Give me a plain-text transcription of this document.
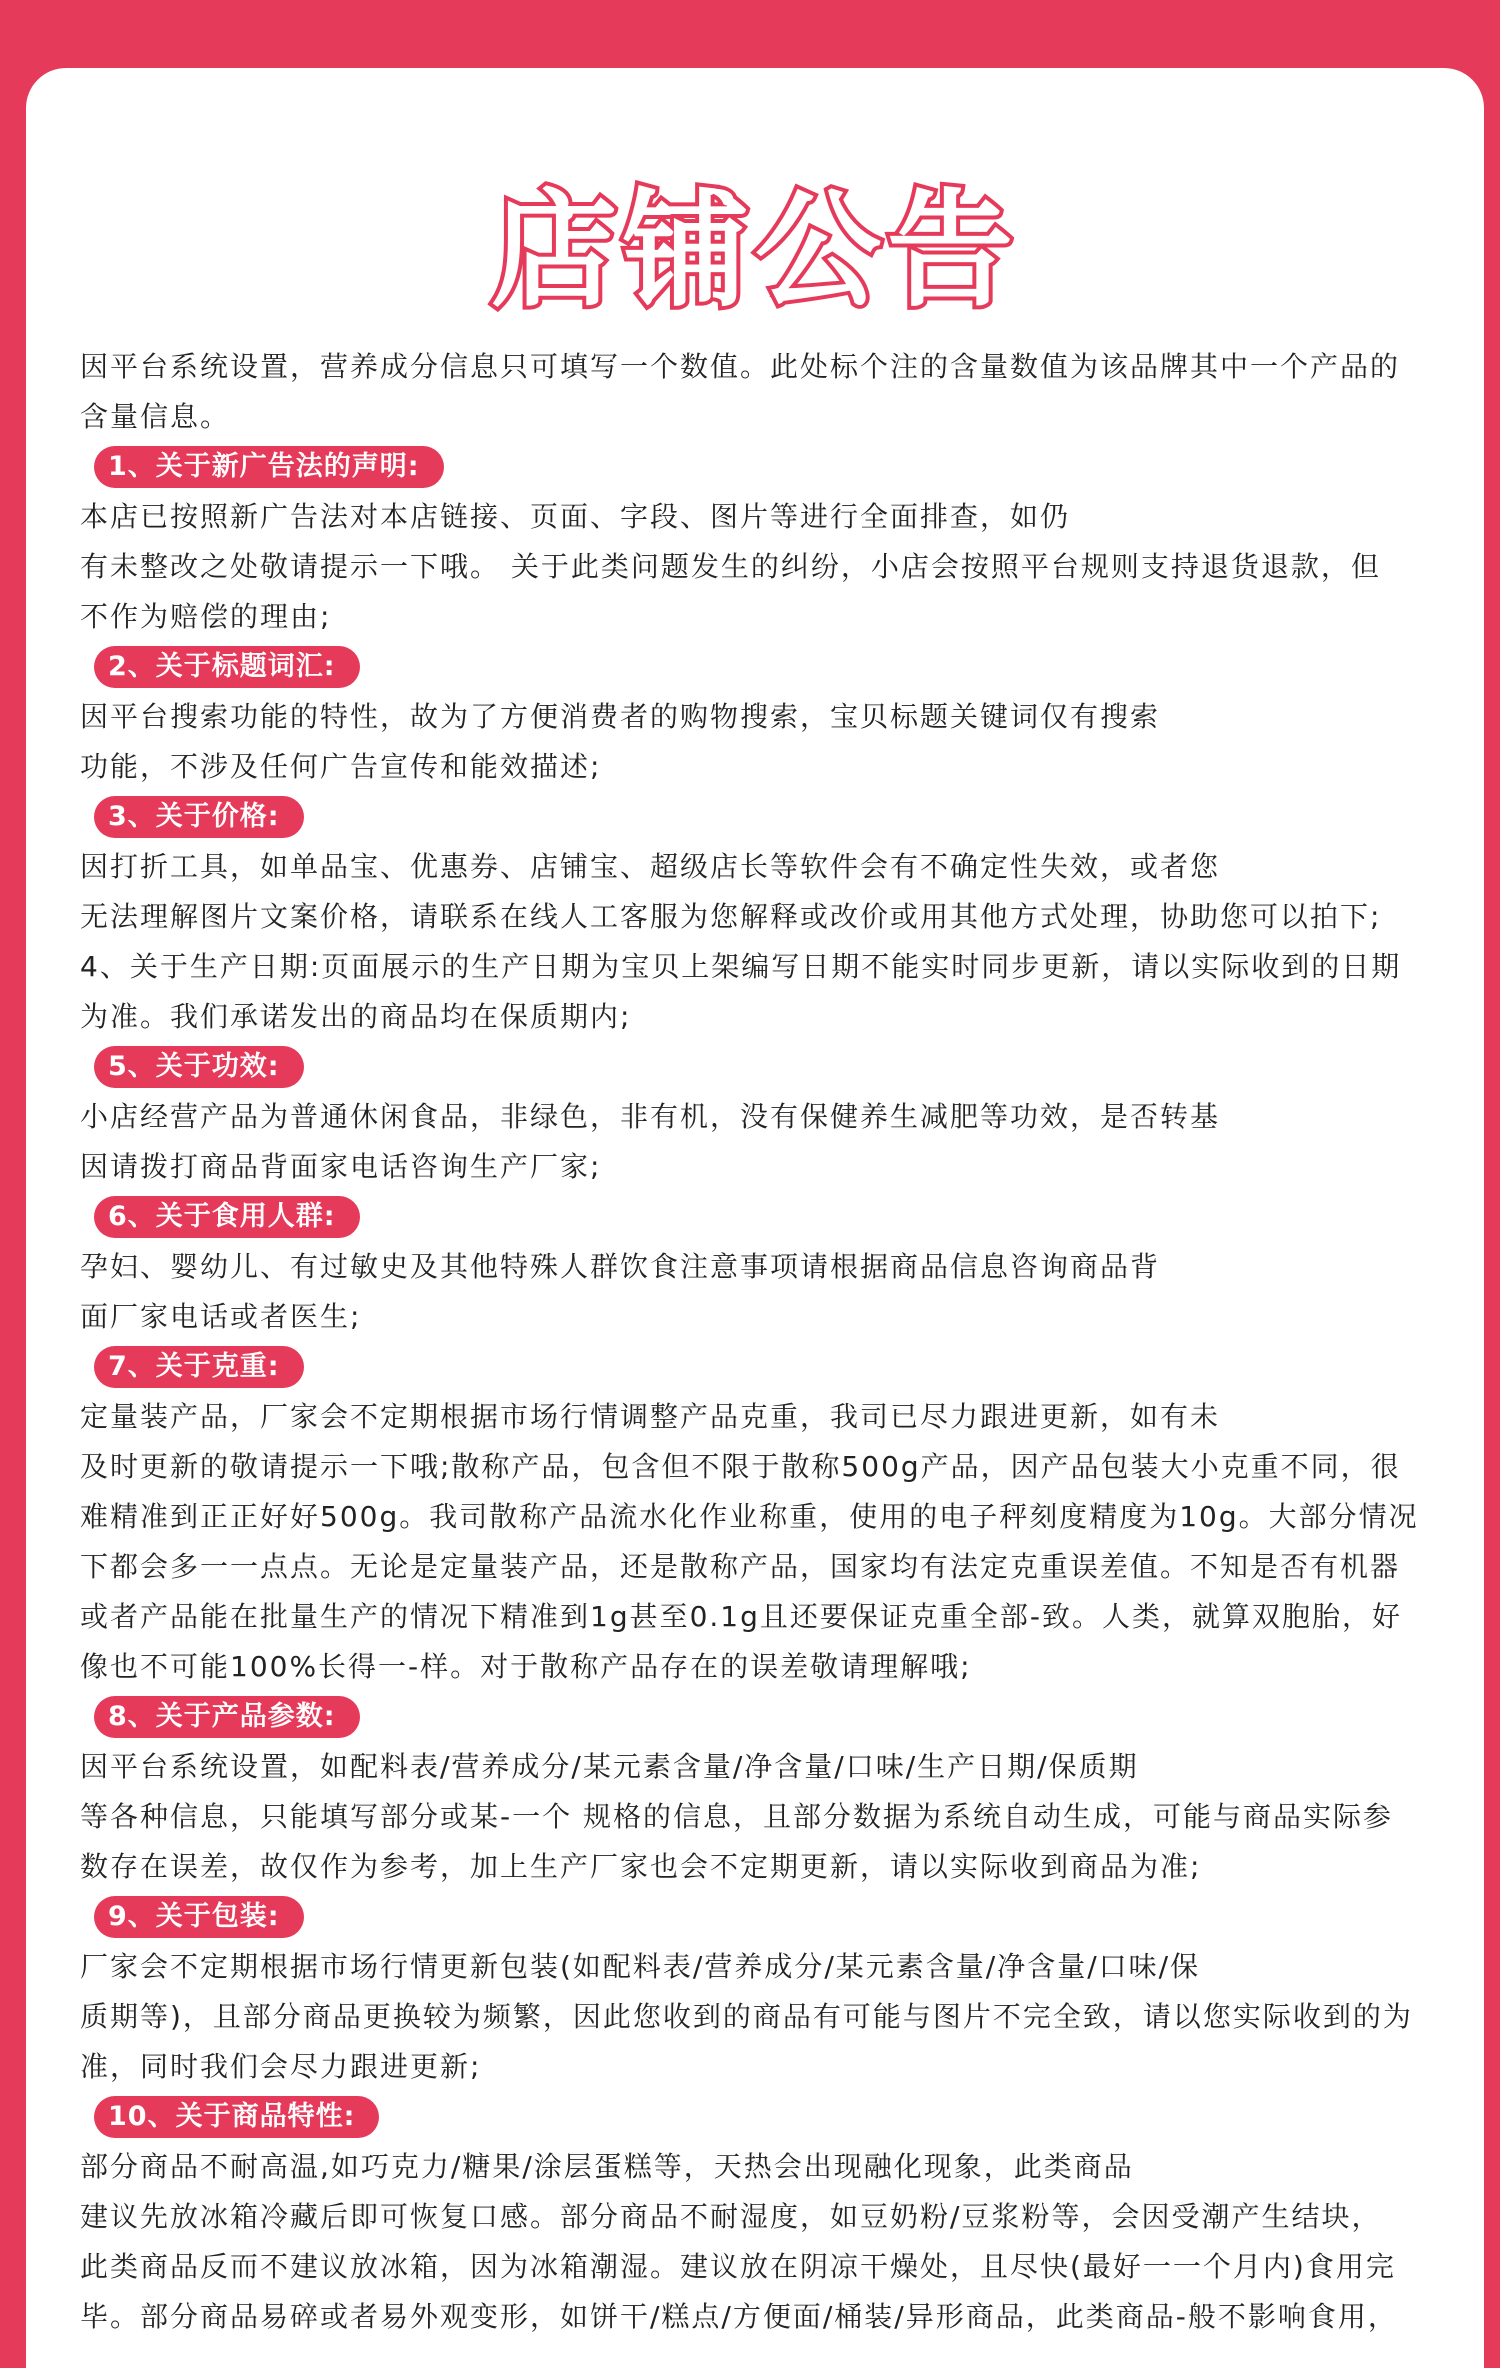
店铺公告

因平台系统设置，营养成分信息只可填写一个数值。此处标个注的含量数值为该品牌其中一个产品的

含量信息。

1、关于新广告法的声明:

本店已按照新广告法对本店链接、页面、字段、图片等进行全面排查，如仍

有未整改之处敬请提示一下哦。 关于此类问题发生的纠纷，小店会按照平台规则支持退货退款，但

不作为赔偿的理由;

2、关于标题词汇:

因平台搜索功能的特性，故为了方便消费者的购物搜索，宝贝标题关键词仅有搜索

功能，不涉及任何广告宣传和能效描述;

3、关于价格:

因打折工具，如单品宝、优惠券、店铺宝、超级店长等软件会有不确定性失效，或者您

无法理解图片文案价格，请联系在线人工客服为您解释或改价或用其他方式处理，协助您可以拍下;

4、关于生产日期:页面展示的生产日期为宝贝上架编写日期不能实时同步更新，请以实际收到的日期

为准。我们承诺发出的商品均在保质期内;

5、关于功效:

小店经营产品为普通休闲食品，非绿色，非有机，没有保健养生减肥等功效，是否转基

因请拨打商品背面家电话咨询生产厂家;

6、关于食用人群:

孕妇、婴幼儿、有过敏史及其他特殊人群饮食注意事项请根据商品信息咨询商品背

面厂家电话或者医生;

7、关于克重:

定量装产品，厂家会不定期根据市场行情调整产品克重，我司已尽力跟进更新，如有未

及时更新的敬请提示一下哦;散称产品，包含但不限于散称500g产品，因产品包装大小克重不同，很

难精准到正正好好500g。我司散称产品流水化作业称重，使用的电子秤刻度精度为10g。大部分情况

下都会多一一点点。无论是定量装产品，还是散称产品，国家均有法定克重误差值。不知是否有机器

或者产品能在批量生产的情况下精准到1g甚至0.1g且还要保证克重全部-致。人类，就算双胞胎，好

像也不可能100%长得一-样。对于散称产品存在的误差敬请理解哦;

8、关于产品参数:

因平台系统设置，如配料表/营养成分/某元素含量/净含量/口味/生产日期/保质期

等各种信息，只能填写部分或某-一个 规格的信息，且部分数据为系统自动生成，可能与商品实际参

数存在误差，故仅作为参考，加上生产厂家也会不定期更新，请以实际收到商品为准;

9、关于包装:

厂家会不定期根据市场行情更新包装(如配料表/营养成分/某元素含量/净含量/口味/保

质期等)，且部分商品更换较为频繁，因此您收到的商品有可能与图片不完全致，请以您实际收到的为

准，同时我们会尽力跟进更新;

10、关于商品特性:

部分商品不耐高温,如巧克力/糖果/涂层蛋糕等，天热会出现融化现象，此类商品

建议先放冰箱冷藏后即可恢复口感。部分商品不耐湿度，如豆奶粉/豆浆粉等，会因受潮产生结块，

此类商品反而不建议放冰箱，因为冰箱潮湿。建议放在阴凉干燥处，且尽快(最好一一个月内)食用完

毕。部分商品易碎或者易外观变形，如饼干/糕点/方便面/桶装/异形商品，此类商品-般不影响食用，
